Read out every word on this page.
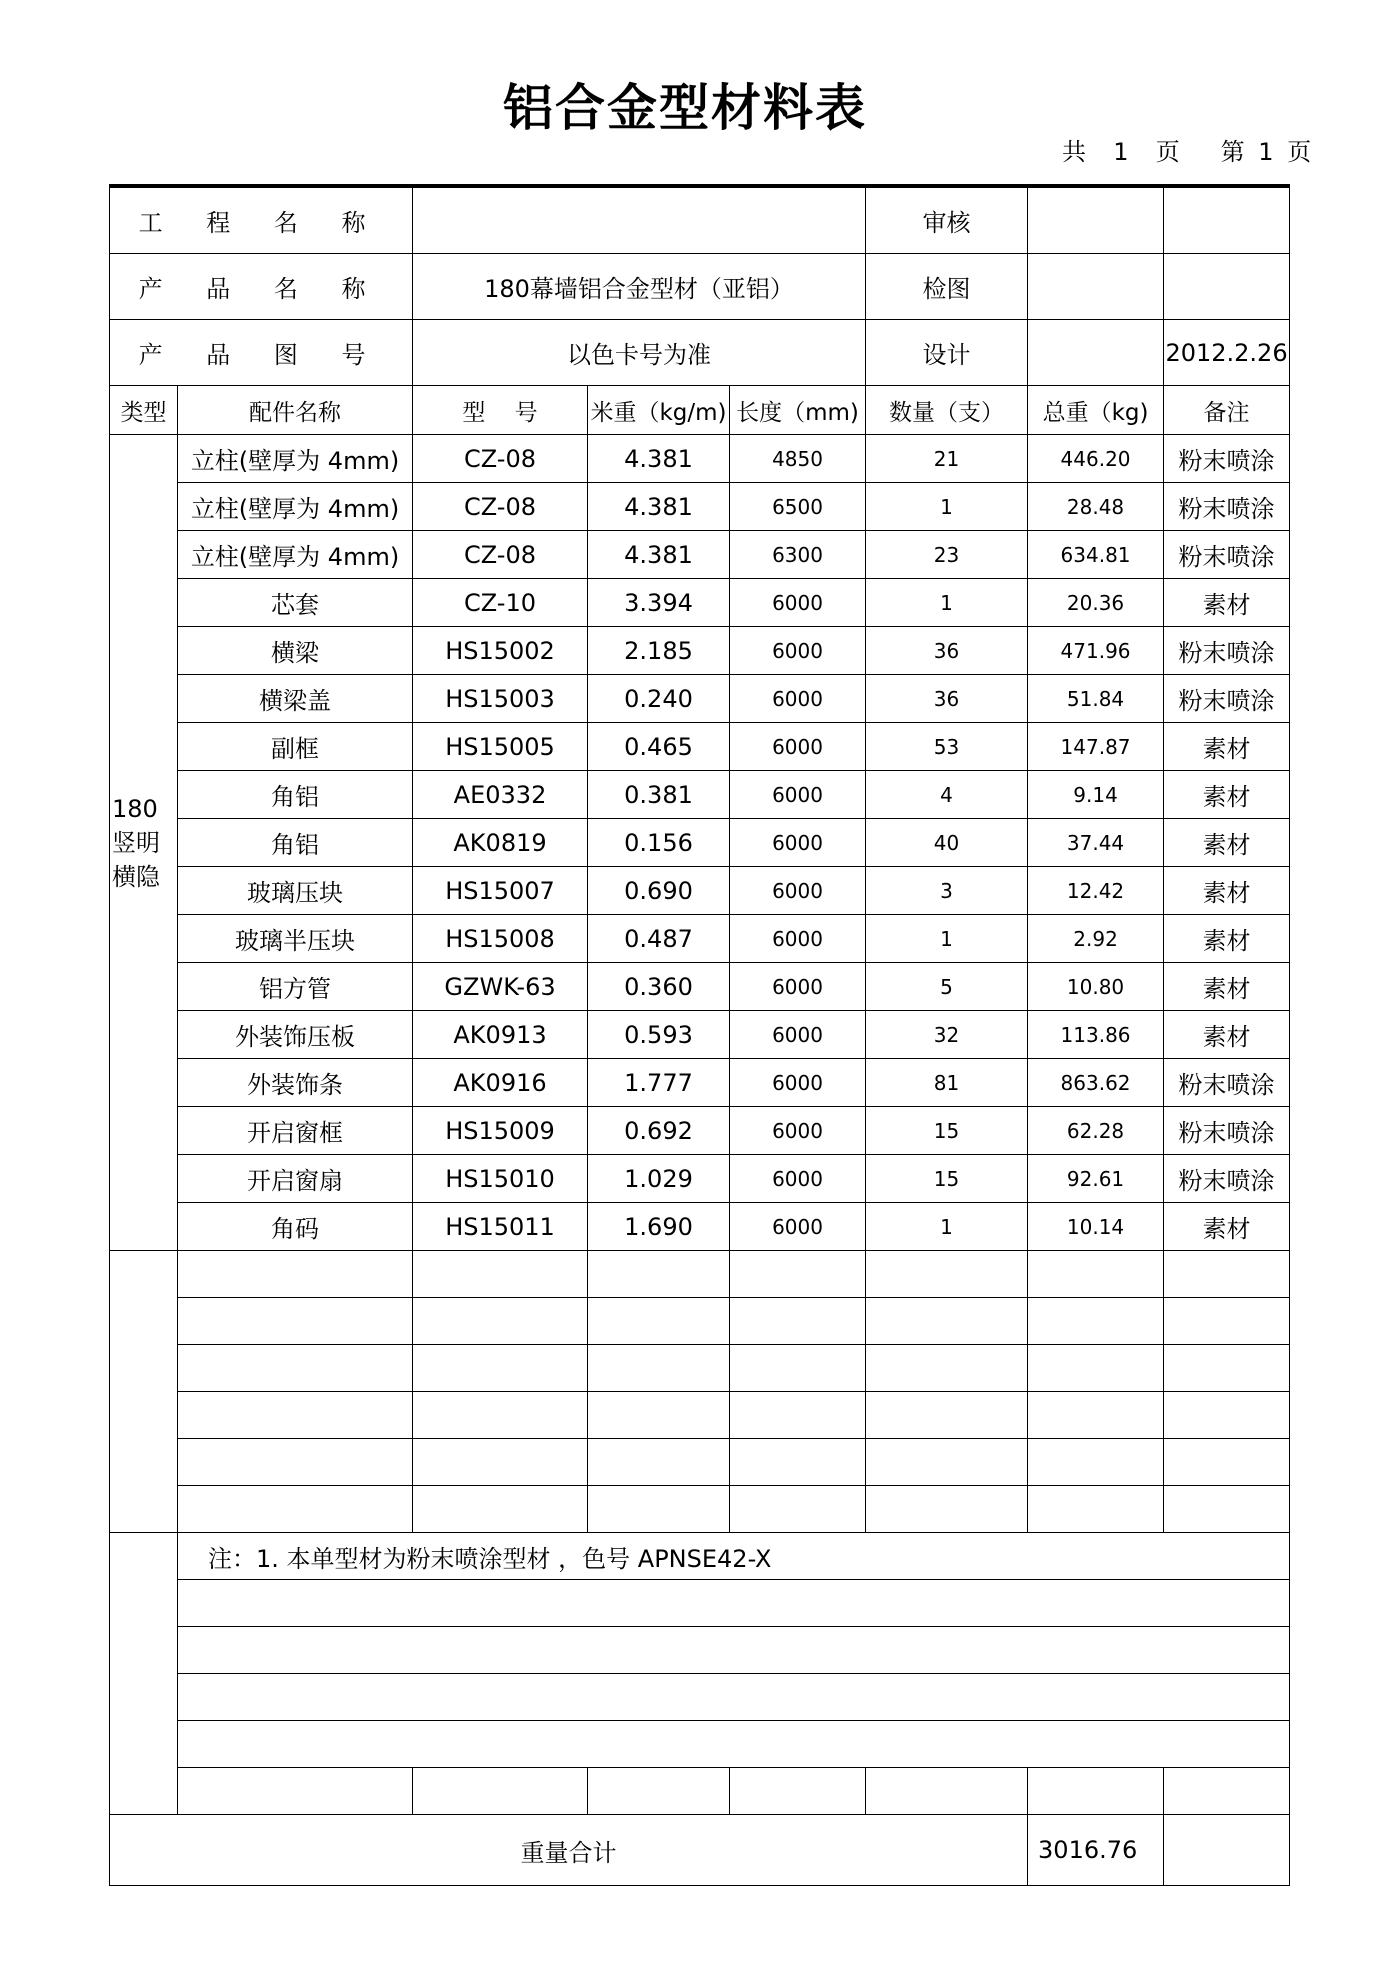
铝合金型材料表
共  1  页   第 1 页
工 程 名 称					审核		
产 品 名 称		180幕墙铝合金型材（亚铝）			检图		
产 品 图 号		以色卡号为准			设计		2012.2.26
类型	配件名称	型    号	米重（kg/m)	长度（mm)	数量（支）	总重（kg)	备注

180
竖明
横隐	立柱(壁厚为 4mm)	CZ-08	4.381	4850	21	446.20	粉末喷涂
	立柱(壁厚为 4mm)	CZ-08	4.381	6500	1	28.48	粉末喷涂
	立柱(壁厚为 4mm)	CZ-08	4.381	6300	23	634.81	粉末喷涂
	芯套	CZ-10	3.394	6000	1	20.36	素材
	横梁	HS15002	2.185	6000	36	471.96	粉末喷涂
	横梁盖	HS15003	0.240	6000	36	51.84	粉末喷涂
	副框	HS15005	0.465	6000	53	147.87	素材
	角铝	AE0332	0.381	6000	4	9.14	素材
	角铝	AK0819	0.156	6000	40	37.44	素材
	玻璃压块	HS15007	0.690	6000	3	12.42	素材
	玻璃半压块	HS15008	0.487	6000	1	2.92	素材
	铝方管	GZWK-63	0.360	6000	5	10.80	素材
	外装饰压板	AK0913	0.593	6000	32	113.86	素材
	外装饰条	AK0916	1.777	6000	81	863.62	粉末喷涂
	开启窗框	HS15009	0.692	6000	15	62.28	粉末喷涂
	开启窗扇	HS15010	1.029	6000	15	92.61	粉末喷涂
	角码	HS15011	1.690	6000	1	10.14	素材

	注：1. 本单型材为粉末喷涂型材 ，色号 APNSE42-X						

重量合计						3016.76	
